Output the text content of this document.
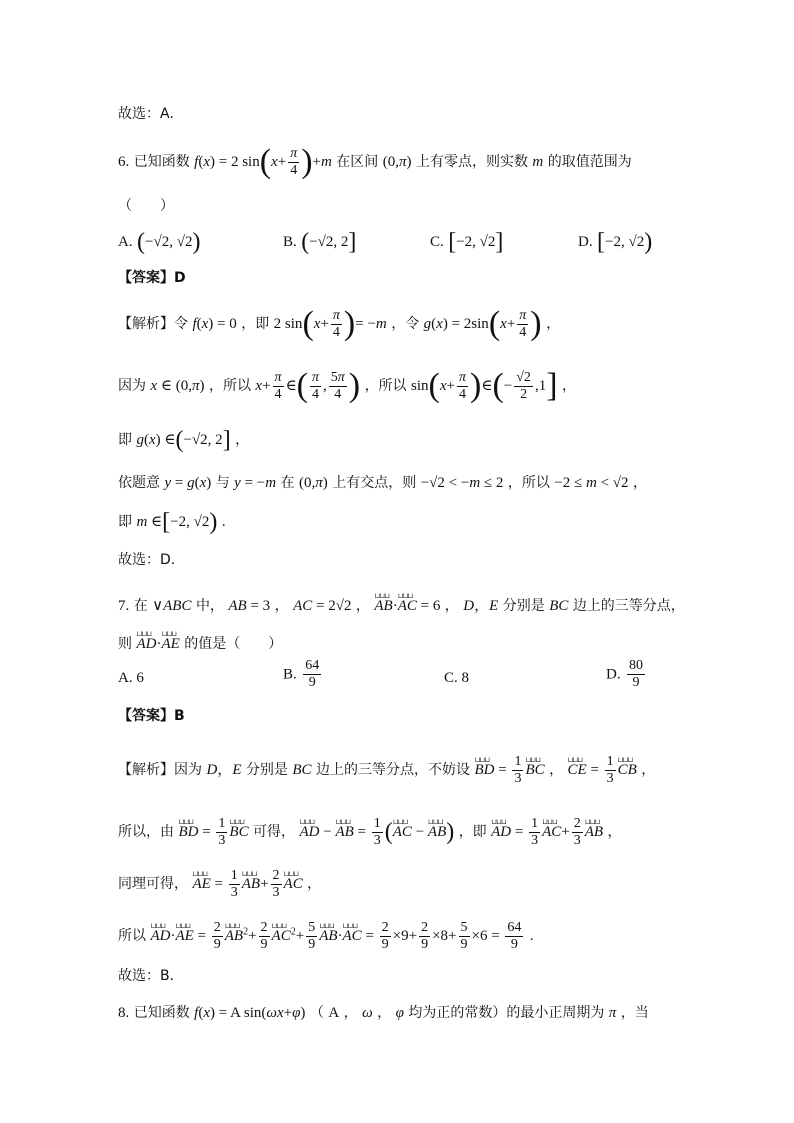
故选：A.
6. 已知函数 f(x) = 2 $\sin(x+ \frac{\pi}{4} )+m$ 在区间 (0,π) 上有零点，则实数 m 的取值范围为
（　　）
A. (−√2, √2)	B. (−√2, 2]	C. [−2, √2]	D. [−2, √2)
【答案】D
【解析】令 f(x) = 0 ，即 2 $\sin(x+ \frac{\pi}{4}$ )= −m ，令 $g(x) = 2\sin(x+ \frac{\pi}{4}$ ) ，
因为 x ∈ (0,π) ，所以 $x+ \frac{\pi}{4}$ ∈( $\frac{\pi}{4}$ , $\frac{5\pi}{4}$ ) ，所以 $\sin(x+ \frac{\pi}{4}$ )∈(− $\frac{√2}{2} ,1$] ，
即 g(x) ∈(−√2, 2] ，
依题意 y = g(x) 与 y = −m 在 (0,π) 上有交点，则 −√2 < −m ≤ 2 ，所以 −2 ≤ m < √2 ，
即 m ∈[−2, √2) .
故选：D.
7. 在 ∨ABC 中， AB = 3 ， AC = 2√2 ， ⊔⊔⊔ AB·⊔⊔⊔ AC = 6 ， D，E 分别是 BC 边上的三等分点，
则 ⊔⊔⊔ AD·⊔⊔⊔ AE 的值是（　　）
A. 6	B. $\frac{64}{9}$	C. 8	D. $\frac{80}{9}$
【答案】B
【解析】因为 D，E 分别是 BC 边上的三等分点，不妨设 ⊔⊔⊔ BD = $\frac{1}{3}$ ⊔⊔⊔ BC ， ⊔⊔⊔ CE = $\frac{1}{3}$ ⊔⊔⊔ CB ，
所以，由 ⊔⊔⊔ BD = $\frac{1}{3}$ ⊔⊔⊔ BC 可得， ⊔⊔⊔ AD − ⊔⊔⊔ AB = $\frac{1}{3}$ (⊔⊔⊔ AC − ⊔⊔⊔ AB) ，即 ⊔⊔⊔ AD = $\frac{1}{3}$ ⊔⊔⊔ $AC+ \frac{2}{3}$ ⊔⊔⊔ AB ，
同理可得， ⊔⊔⊔ AE = $\frac{1}{3}$ ⊔⊔⊔ $AB+ \frac{2}{3}$ ⊔⊔⊔ AC ，
所以 ⊔⊔⊔ AD·⊔⊔⊔ AE = $\frac{2}{9}$ ⊔⊔⊔ $AB^2+ \frac{2}{9}$ ⊔⊔⊔ $AC^2+ \frac{5}{9}$ ⊔⊔⊔ AB·⊔⊔⊔ AC = $\frac{2}{9} \times 9+ \frac{2}{9} \times 8+ \frac{5}{9} \times 6 = \frac{64}{9}$ .
故选：B．
8. 已知函数 f(x) = A sin(ωx+φ) （ A ， ω ， φ 均为正的常数）的最小正周期为 π ，当
